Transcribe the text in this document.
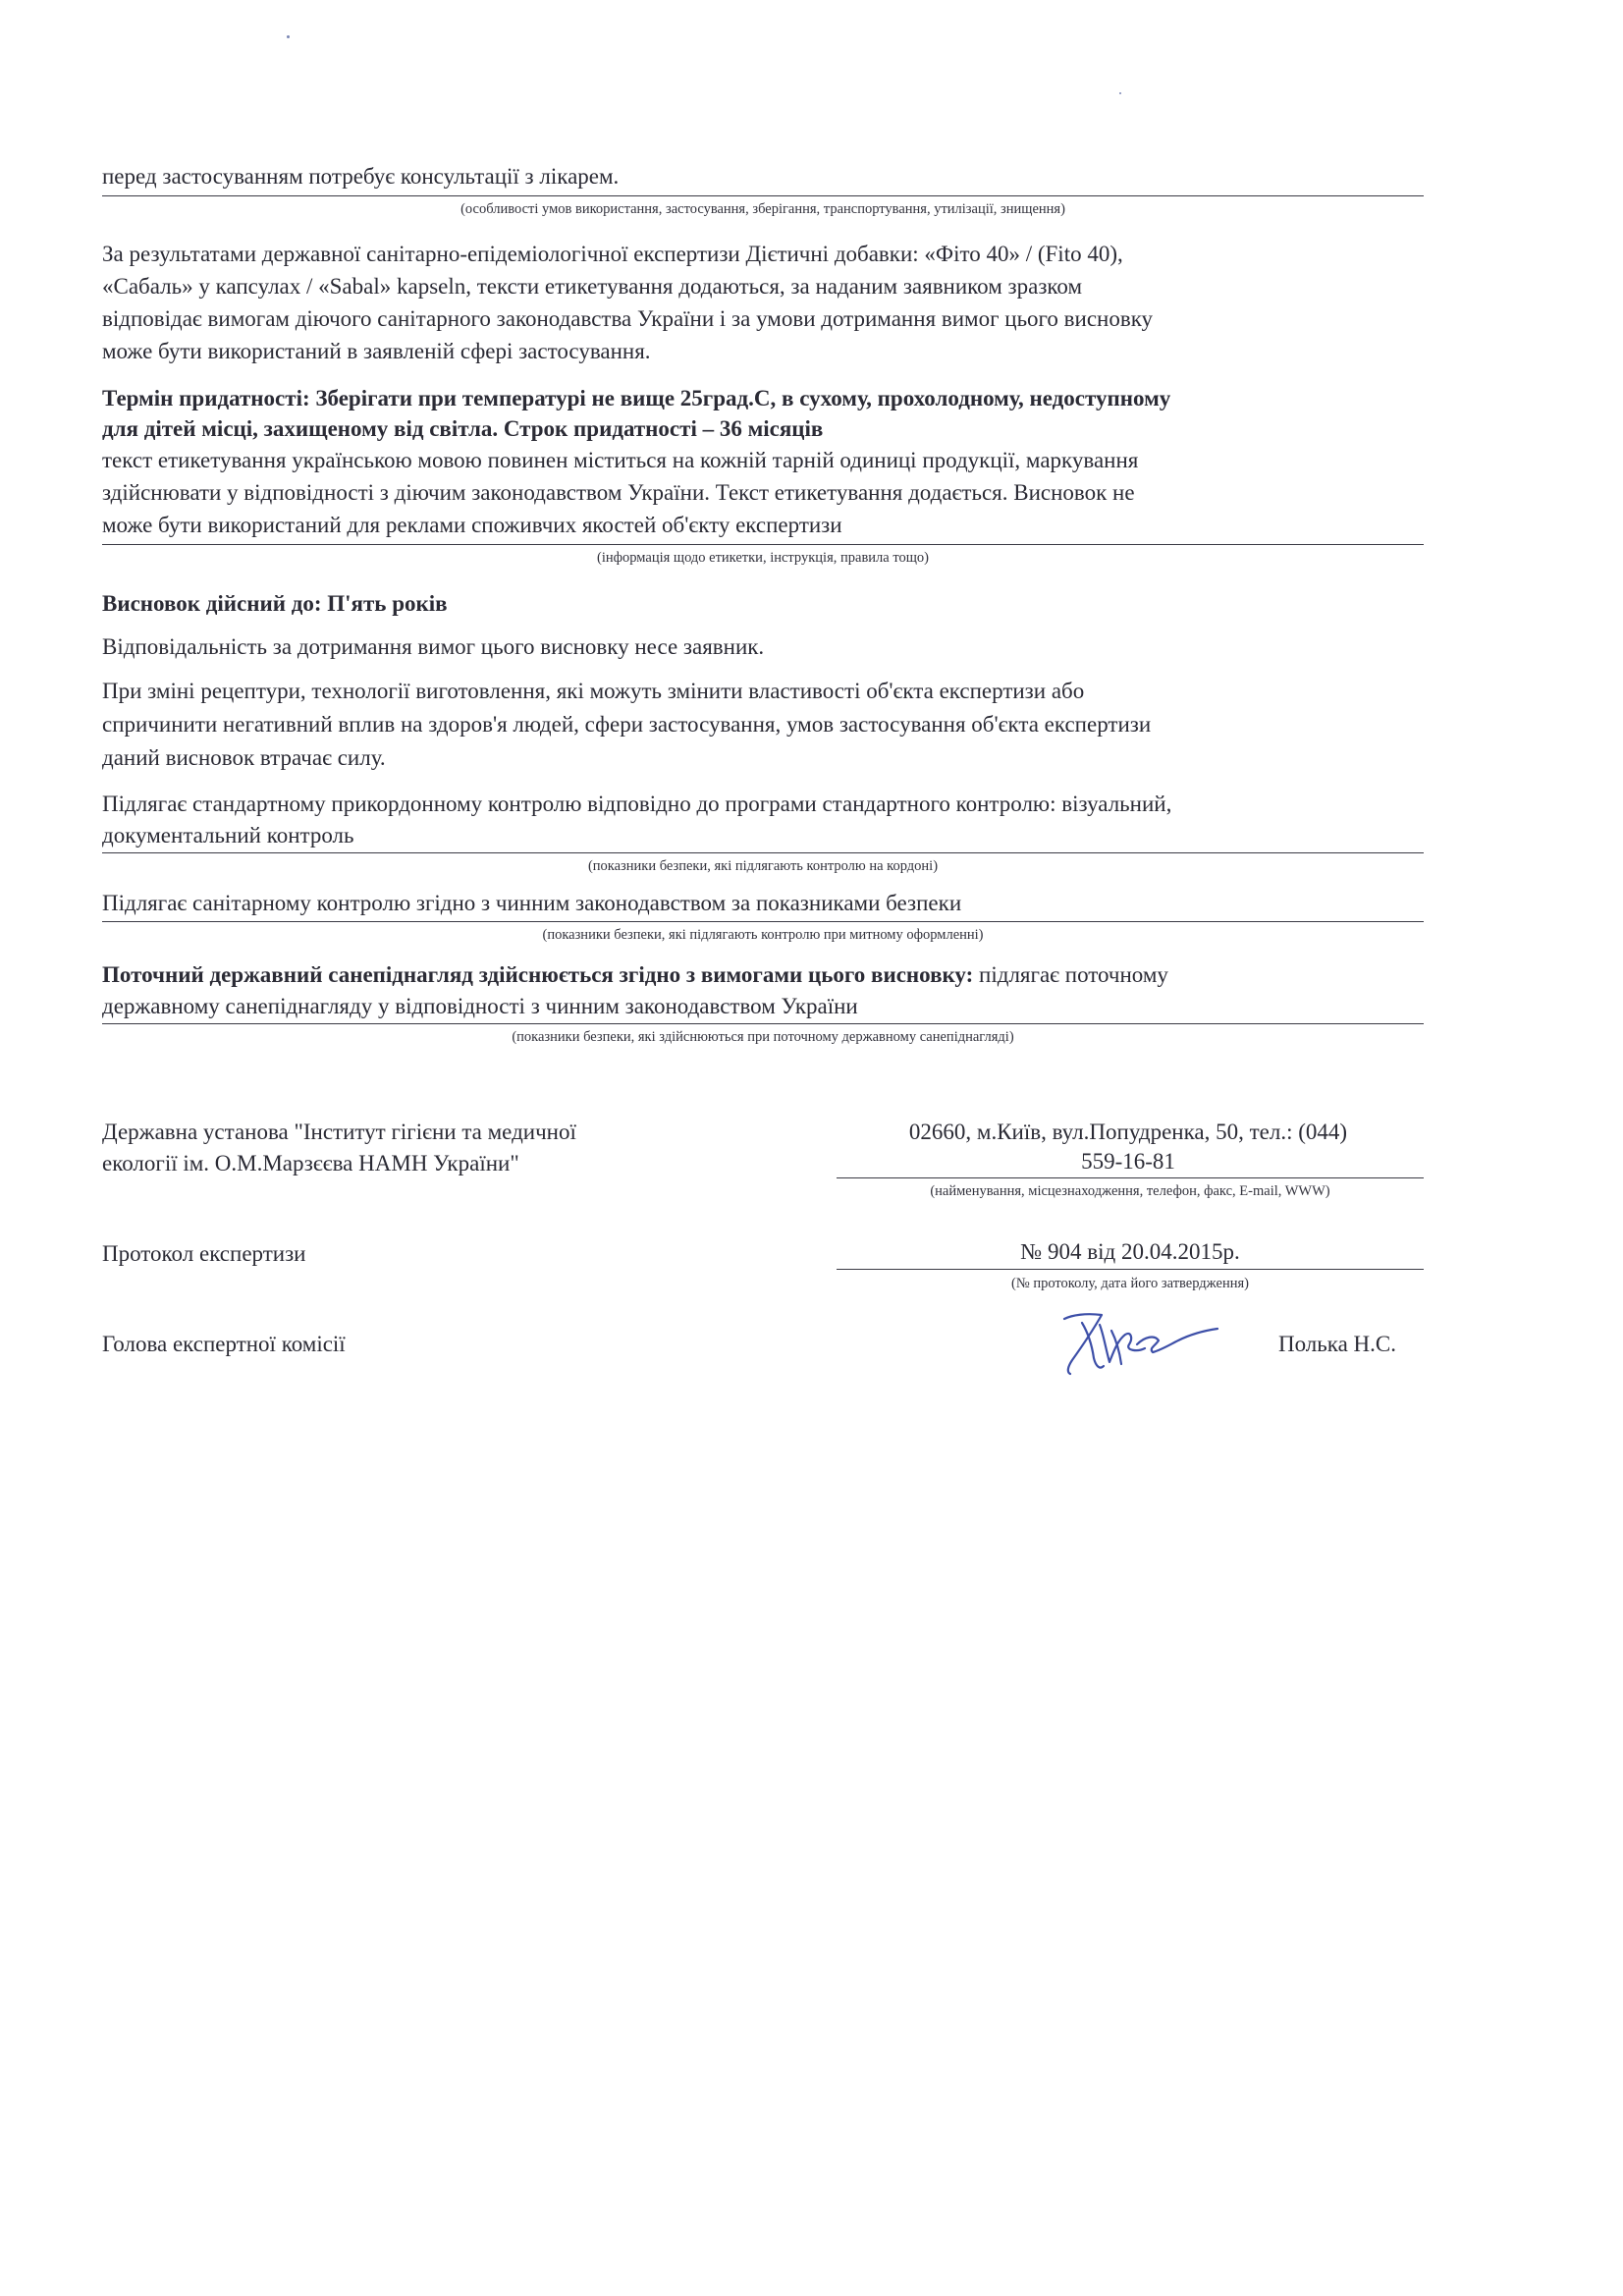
перед застосуванням потребує консультації з лікарем.
(особливості умов використання, застосування, зберігання, транспортування, утилізації, знищення)
За результатами державної санітарно-епідеміологічної експертизи Дієтичні добавки: «Фіто 40» / (Fito 40),
«Сабаль» у капсулах / «Sabal» kapseln, тексти етикетування додаються, за наданим заявником зразком
відповідає вимогам діючого санітарного законодавства України і за умови дотримання вимог цього висновку
може бути використаний в заявленій сфері застосування.
Термін придатності: Зберігати при температурі не вище 25град.С, в сухому, прохолодному, недоступному
для дітей місці, захищеному від світла. Строк придатності – 36 місяців
текст етикетування українською мовою повинен міститься на кожній тарній одиниці продукції, маркування
здійснювати у відповідності з діючим законодавством України. Текст етикетування додається. Висновок не
може бути використаний для реклами споживчих якостей об'єкту експертизи
(інформація щодо етикетки, інструкція, правила тощо)
Висновок дійсний до: П'ять років
Відповідальність за дотримання вимог цього висновку несе заявник.
При зміні рецептури, технології виготовлення, які можуть змінити властивості об'єкта експертизи або
спричинити негативний вплив на здоров'я людей, сфери застосування, умов застосування об'єкта експертизи
даний висновок втрачає силу.
Підлягає стандартному прикордонному контролю відповідно до програми стандартного контролю: візуальний,
документальний контроль
(показники безпеки, які підлягають контролю на кордоні)
Підлягає санітарному контролю згідно з чинним законодавством за показниками безпеки
(показники безпеки, які підлягають контролю при митному оформленні)
Поточний державний санепіднагляд здійснюється згідно з вимогами цього висновку: підлягає поточному
державному санепіднагляду у відповідності з чинним законодавством України
(показники безпеки, які здійснюються при поточному державному санепіднагляді)
Державна установа "Інститут гігієни та медичної
екології ім. О.М.Марзєєва НАМН України"
02660, м.Київ, вул.Попудренка, 50, тел.: (044)
559-16-81
(найменування, місцезнаходження, телефон, факс, E-mail, WWW)
Протокол експертизи	№ 904 від 20.04.2015р.
(№ протоколу, дата його затвердження)
Голова експертної комісії	Полька Н.С.
